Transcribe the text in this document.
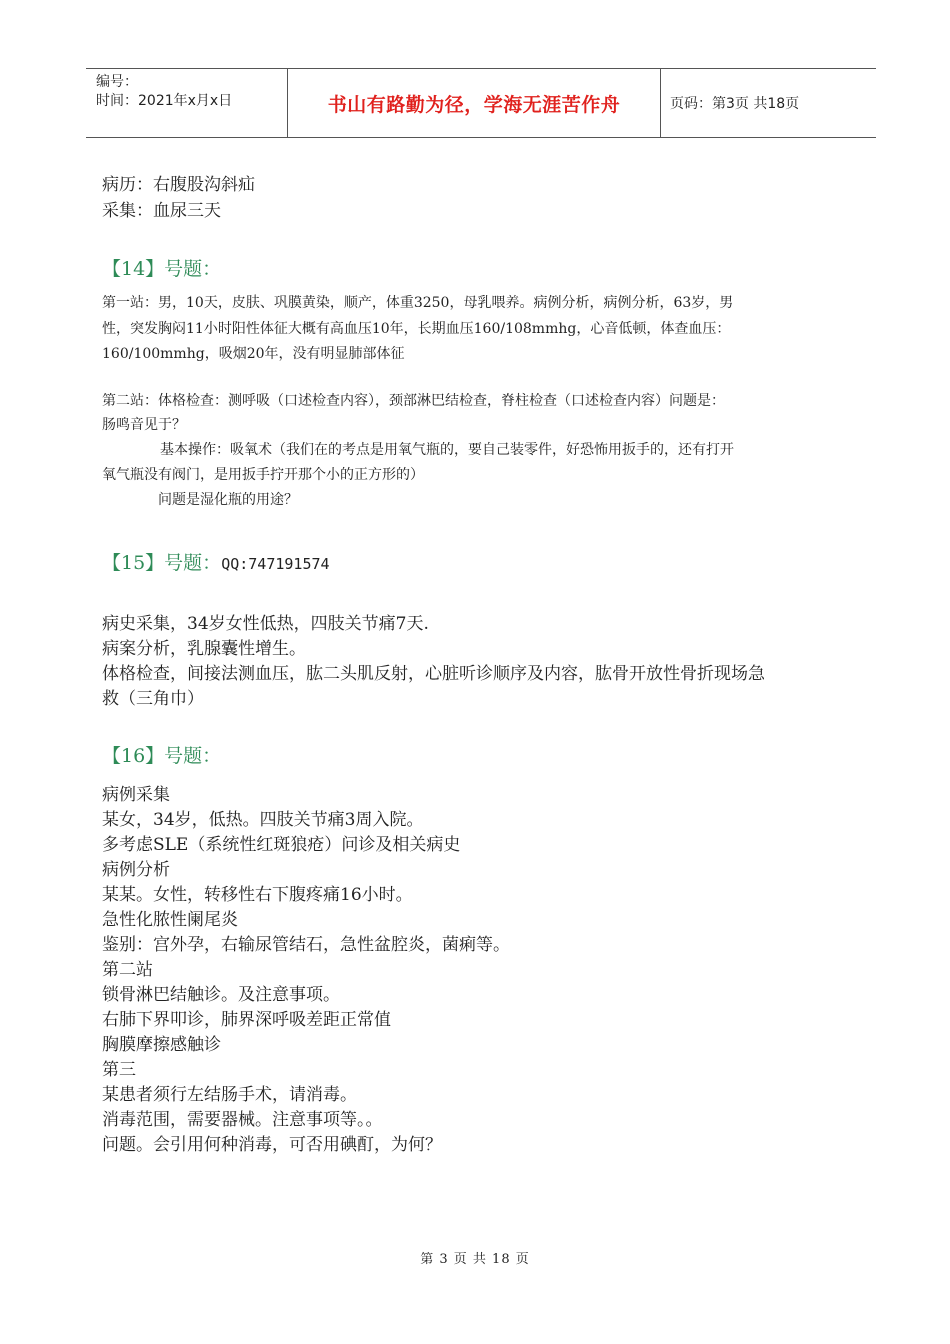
编号：
时间：2021年x月x日	书山有路勤为径，学海无涯苦作舟	页码：第3页 共18页
病历：右腹股沟斜疝
采集：血尿三天
【14】号题：
第一站：男，10天，皮肤、巩膜黄染，顺产，体重3250，母乳喂养。病例分析，病例分析，63岁，男
性，突发胸闷11小时阳性体征大概有高血压10年，长期血压160/108mmhg，心音低顿，体查血压：
160/100mmhg，吸烟20年，没有明显肺部体征
第二站：体格检查：测呼吸（口述检查内容），颈部淋巴结检查，脊柱检查（口述检查内容）问题是：
肠鸣音见于？
基本操作：吸氧术（我们在的考点是用氧气瓶的，要自己装零件，好恐怖用扳手的，还有打开
氧气瓶没有阀门，是用扳手拧开那个小的正方形的）
问题是湿化瓶的用途？
【15】号题：QQ:747191574
病史采集，34岁女性低热，四肢关节痛7天.
病案分析，乳腺囊性增生。
体格检查，间接法测血压，肱二头肌反射，心脏听诊顺序及内容，肱骨开放性骨折现场急
救（三角巾）
【16】号题：
病例采集
某女，34岁，低热。四肢关节痛3周入院。
多考虑SLE（系统性红斑狼疮）问诊及相关病史
病例分析
某某。女性，转移性右下腹疼痛16小时。
急性化脓性阑尾炎
鉴别：宫外孕，右输尿管结石，急性盆腔炎，菌痢等。
第二站
锁骨淋巴结触诊。及注意事项。
右肺下界叩诊，肺界深呼吸差距正常值
胸膜摩擦感触诊
第三
某患者须行左结肠手术，请消毒。
消毒范围，需要器械。注意事项等。。
问题。会引用何种消毒，可否用碘酊，为何？
第 3 页 共 18 页
